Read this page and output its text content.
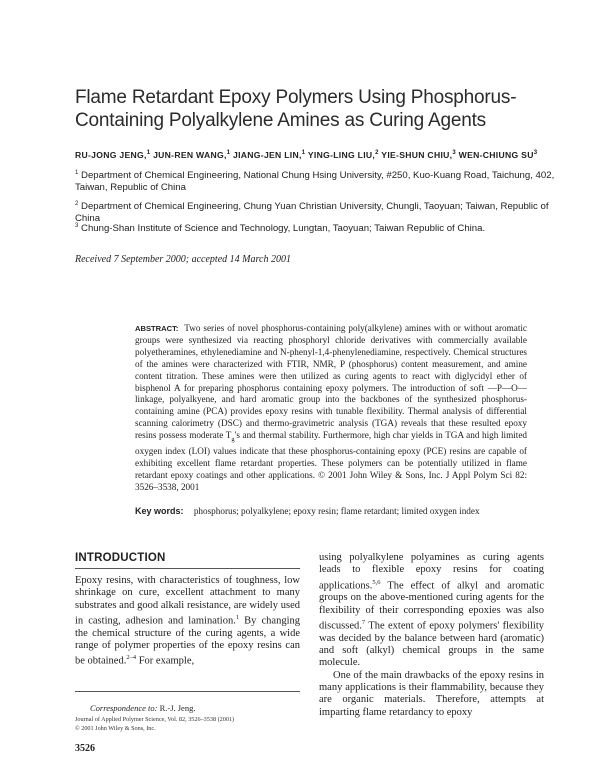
Flame Retardant Epoxy Polymers Using Phosphorus-
Containing Polyalkylene Amines as Curing Agents
RU-JONG JENG,$^1$ JUN-REN WANG,$^1$ JIANG-JEN LIN,$^1$ YING-LING LIU,$^2$ YIE-SHUN CHIU,$^3$ WEN-CHIUNG $SU^3$
$^1$ Department of Chemical Engineering, National Chung Hsing University, #250, Kuo-Kuang Road, Taichung, 402,
Taiwan, Republic of China
$^2$ Department of Chemical Engineering, Chung Yuan Christian University, Chungli, Taoyuan; Taiwan, Republic of China
$^3$ Chung-Shan Institute of Science and Technology, Lungtan, Taoyuan; Taiwan Republic of China.
Received 7 September 2000; accepted 14 March 2001
ABSTRACT: Two series of novel phosphorus-containing poly(alkylene) amines with or without aromatic groups were synthesized via reacting phosphoryl chloride derivatives with commercially available polyetheramines, ethylenediamine and N-phenyl-1,4-phenylenediamine, respectively. Chemical structures of the amines were characterized with FTIR, NMR, P (phosphorus) content measurement, and amine content titration. These amines were then utilized as curing agents to react with diglycidyl ether of bisphenol A for preparing phosphorus containing epoxy polymers. The introduction of soft —P—O— linkage, polyalkyene, and hard aromatic group into the backbones of the synthesized phosphorus-containing amine (PCA) provides epoxy resins with tunable flexibility. Thermal analysis of differential scanning calorimetry (DSC) and thermo-gravimetric analysis (TGA) reveals that these resulted epoxy resins possess moderate $T_g's$ and thermal stability. Furthermore, high char yields in TGA and high limited oxygen index (LOI) values indicate that these phosphorus-containing epoxy (PCE) resins are capable of exhibiting excellent flame retardant properties. These polymers can be potentially utilized in flame retardant epoxy coatings and other applications. © 2001 John Wiley & Sons, Inc. J Appl Polym Sci 82: 3526–3538, 2001
Key words: phosphorus; polyalkylene; epoxy resin; flame retardant; limited oxygen index
INTRODUCTION
Epoxy resins, with characteristics of toughness, low shrinkage on cure, excellent attachment to many substrates and good alkali resistance, are widely used in casting, adhesion and lamination.$^1$ By changing the chemical structure of the curing agents, a wide range of polymer properties of the epoxy resins can be obtained.$^{2-4}$ For example,
using polyalkylene polyamines as curing agents leads to flexible epoxy resins for coating applications.$^{5,6}$ The effect of alkyl and aromatic groups on the above-mentioned curing agents for the flexibility of their corresponding epoxies was also discussed.$^7$ The extent of epoxy polymers' flexibility was decided by the balance between hard (aromatic) and soft (alkyl) chemical groups in the same molecule.
One of the main drawbacks of the epoxy resins in many applications is their flammability, because they are organic materials. Therefore, attempts at imparting flame retardancy to epoxy
Correspondence to: R.-J. Jeng.
Journal of Applied Polymer Science, Vol. 82, 3526–3538 (2001)
© 2001 John Wiley & Sons, Inc.
3526
